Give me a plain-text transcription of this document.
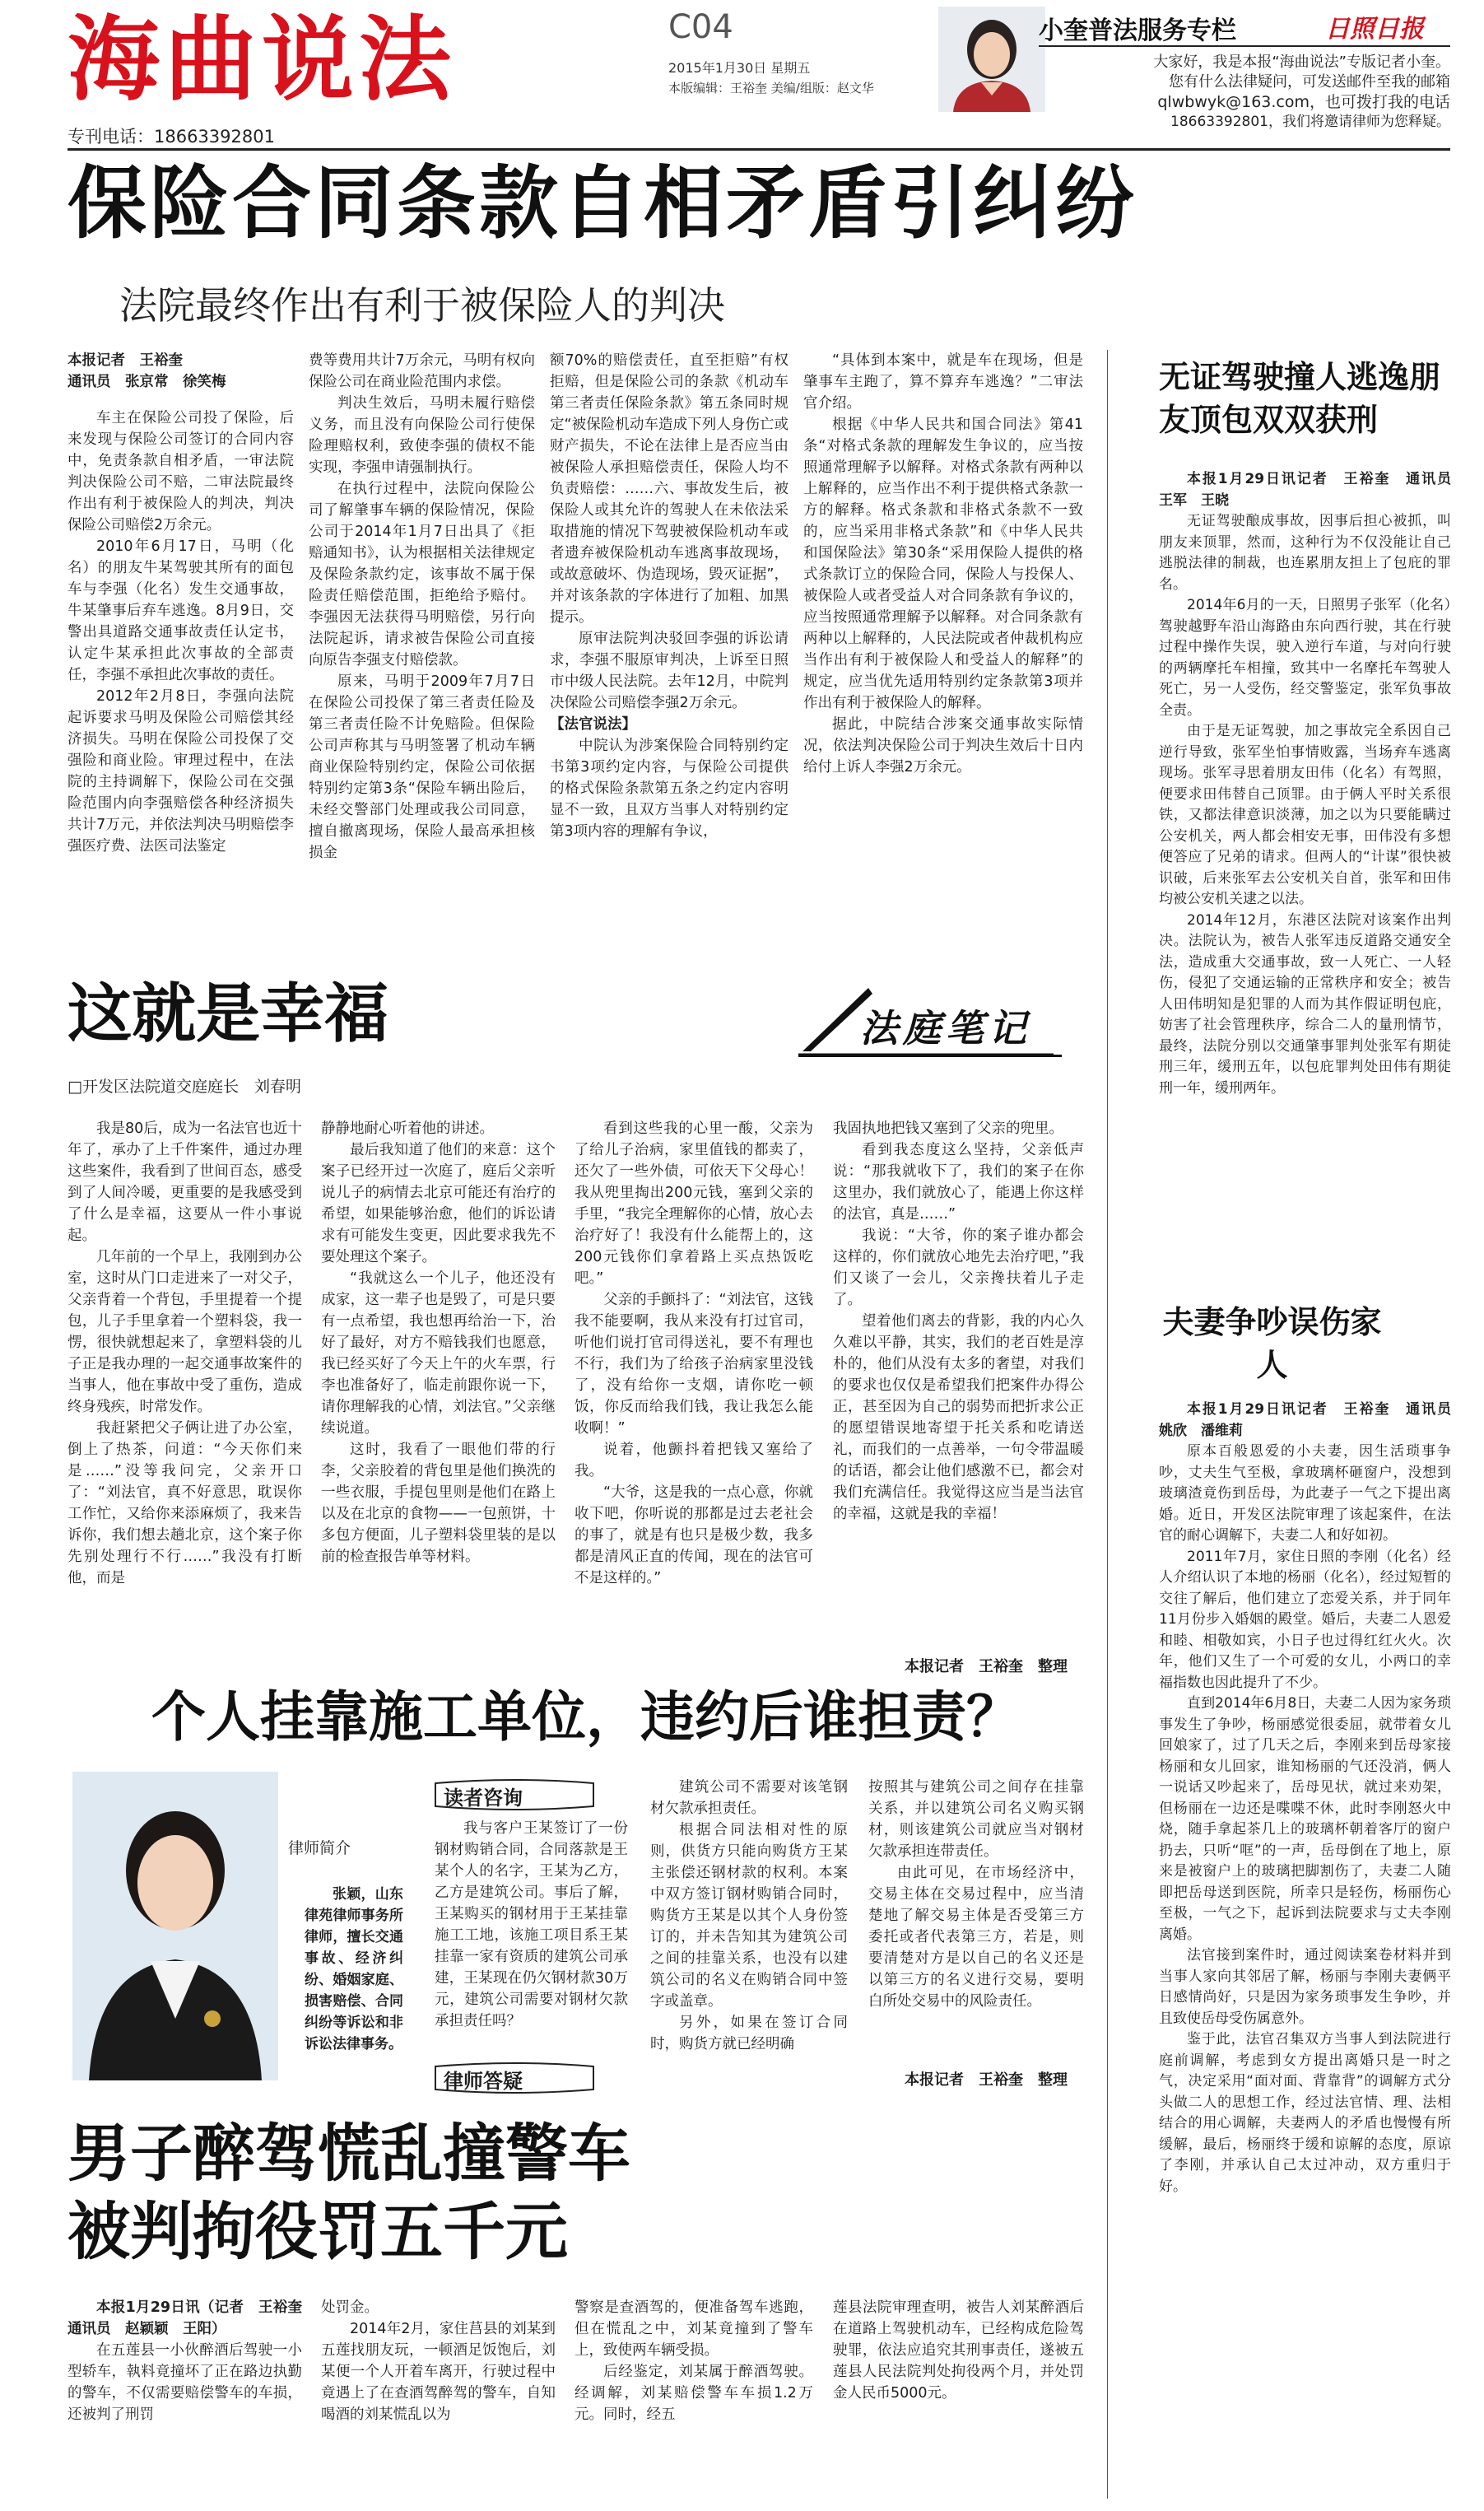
海曲说法
专刊电话：18663392801
C04
2015年1月30日 星期五
本版编辑：王裕奎 美编/组版：赵文华
小奎普法服务专栏	日照日报
大家好，我是本报“海曲说法”专版记者小奎。
您有什么法律疑问，可发送邮件至我的邮箱
qlwbwyk@163.com，也可拨打我的电话
18663392801，我们将邀请律师为您释疑。
保险合同条款自相矛盾引纠纷
法院最终作出有利于被保险人的判决

本报记者　王裕奎

通讯员　张京常　徐笑梅

车主在保险公司投了保险，后来发现与保险公司签订的合同内容中，免责条款自相矛盾，一审法院判决保险公司不赔，二审法院最终作出有利于被保险人的判决，判决保险公司赔偿2万余元。

2010年6月17日，马明（化名）的朋友牛某驾驶其所有的面包车与李强（化名）发生交通事故，牛某肇事后弃车逃逸。8月9日，交警出具道路交通事故责任认定书，认定牛某承担此次事故的全部责任，李强不承担此次事故的责任。

2012年2月8日，李强向法院起诉要求马明及保险公司赔偿其经济损失。马明在保险公司投保了交强险和商业险。审理过程中，在法院的主持调解下，保险公司在交强险范围内向李强赔偿各种经济损失共计7万元，并依法判决马明赔偿李强医疗费、法医司法鉴定

费等费用共计7万余元，马明有权向保险公司在商业险范围内求偿。

判决生效后，马明未履行赔偿义务，而且没有向保险公司行使保险理赔权利，致使李强的债权不能实现，李强申请强制执行。

在执行过程中，法院向保险公司了解肇事车辆的保险情况，保险公司于2014年1月7日出具了《拒赔通知书》，认为根据相关法律规定及保险条款约定，该事故不属于保险责任赔偿范围，拒绝给予赔付。李强因无法获得马明赔偿，另行向法院起诉，请求被告保险公司直接向原告李强支付赔偿款。

原来，马明于2009年7月7日在保险公司投保了第三者责任险及第三者责任险不计免赔险。但保险公司声称其与马明签署了机动车辆商业保险特别约定，保险公司依据特别约定第3条“保险车辆出险后，未经交警部门处理或我公司同意，擅自撤离现场，保险人最高承担核损金

额70%的赔偿责任，直至拒赔”有权拒赔，但是保险公司的条款《机动车第三者责任保险条款》第五条同时规定“被保险机动车造成下列人身伤亡或财产损失，不论在法律上是否应当由被保险人承担赔偿责任，保险人均不负责赔偿：……六、事故发生后，被保险人或其允许的驾驶人在未依法采取措施的情况下驾驶被保险机动车或者遗弃被保险机动车逃离事故现场，或故意破坏、伪造现场，毁灭证据”，并对该条款的字体进行了加粗、加黑提示。

原审法院判决驳回李强的诉讼请求，李强不服原审判决，上诉至日照市中级人民法院。去年12月，中院判决保险公司赔偿李强2万余元。

【法官说法】

中院认为涉案保险合同特别约定书第3项约定内容，与保险公司提供的格式保险条款第五条之约定内容明显不一致，且双方当事人对特别约定第3项内容的理解有争议，

“具体到本案中，就是车在现场，但是肇事车主跑了，算不算弃车逃逸？”二审法官介绍。

根据《中华人民共和国合同法》第41条“对格式条款的理解发生争议的，应当按照通常理解予以解释。对格式条款有两种以上解释的，应当作出不利于提供格式条款一方的解释。格式条款和非格式条款不一致的，应当采用非格式条款”和《中华人民共和国保险法》第30条“采用保险人提供的格式条款订立的保险合同，保险人与投保人、被保险人或者受益人对合同条款有争议的，应当按照通常理解予以解释。对合同条款有两种以上解释的，人民法院或者仲裁机构应当作出有利于被保险人和受益人的解释”的规定，应当优先适用特别约定条款第3项并作出有利于被保险人的解释。

据此，中院结合涉案交通事故实际情况，依法判决保险公司于判决生效后十日内给付上诉人李强2万余元。

无证驾驶撞人逃逸朋友顶包双双获刑

本报1月29日讯记者　王裕奎　通讯员　王军　王晓

无证驾驶酿成事故，因事后担心被抓，叫朋友来顶罪，然而，这种行为不仅没能让自己逃脱法律的制裁，也连累朋友担上了包庇的罪名。

2014年6月的一天，日照男子张军（化名）驾驶越野车沿山海路由东向西行驶，其在行驶过程中操作失误，驶入逆行车道，与对向行驶的两辆摩托车相撞，致其中一名摩托车驾驶人死亡，另一人受伤，经交警鉴定，张军负事故全责。

由于是无证驾驶，加之事故完全系因自己逆行导致，张军坐怕事情败露，当场弃车逃离现场。张军寻思着朋友田伟（化名）有驾照，便要求田伟替自己顶罪。由于俩人平时关系很铁，又都法律意识淡薄，加之以为只要能瞒过公安机关，两人都会相安无事，田伟没有多想便答应了兄弟的请求。但两人的“计谋”很快被识破，后来张军去公安机关自首，张军和田伟均被公安机关逮之以法。

2014年12月，东港区法院对该案作出判决。法院认为，被告人张军违反道路交通安全法，造成重大交通事故，致一人死亡、一人轻伤，侵犯了交通运输的正常秩序和安全；被告人田伟明知是犯罪的人而为其作假证明包庇，妨害了社会管理秩序，综合二人的量刑情节，最终，法院分别以交通肇事罪判处张军有期徒刑三年，缓刑五年，以包庇罪判处田伟有期徒刑一年，缓刑两年。

夫妻争吵误伤家人

本报1月29日讯记者　王裕奎　通讯员　姚欣　潘维莉

原本百般恩爱的小夫妻，因生活琐事争吵，丈夫生气至极，拿玻璃杯砸窗户，没想到玻璃渣竟伤到岳母，为此妻子一气之下提出离婚。近日，开发区法院审理了该起案件，在法官的耐心调解下，夫妻二人和好如初。

2011年7月，家住日照的李刚（化名）经人介绍认识了本地的杨丽（化名），经过短暂的交往了解后，他们建立了恋爱关系，并于同年11月份步入婚姻的殿堂。婚后，夫妻二人恩爱和睦、相敬如宾，小日子也过得红红火火。次年，他们又生了一个可爱的女儿，小两口的幸福指数也因此提升了不少。

直到2014年6月8日，夫妻二人因为家务琐事发生了争吵，杨丽感觉很委屈，就带着女儿回娘家了，过了几天之后，李刚来到岳母家接杨丽和女儿回家，谁知杨丽的气还没消，俩人一说话又吵起来了，岳母见状，就过来劝架，但杨丽在一边还是喋喋不休，此时李刚怒火中烧，随手拿起茶几上的玻璃杯朝着客厅的窗户扔去，只听“哐”的一声，岳母倒在了地上，原来是被窗户上的玻璃把脚割伤了，夫妻二人随即把岳母送到医院，所幸只是轻伤，杨丽伤心至极，一气之下，起诉到法院要求与丈夫李刚离婚。

法官接到案件时，通过阅读案卷材料并到当事人家向其邻居了解，杨丽与李刚夫妻俩平日感情尚好，只是因为家务琐事发生争吵，并且致使岳母受伤属意外。

鉴于此，法官召集双方当事人到法院进行庭前调解，考虑到女方提出离婚只是一时之气，决定采用“面对面、背靠背”的调解方式分头做二人的思想工作，经过法官情、理、法相结合的用心调解，夫妻两人的矛盾也慢慢有所缓解，最后，杨丽终于缓和谅解的态度，原谅了李刚，并承认自己太过冲动，双方重归于好。

这就是幸福	法庭笔记
□开发区法院道交庭庭长　刘春明

我是80后，成为一名法官也近十年了，承办了上千件案件，通过办理这些案件，我看到了世间百态，感受到了人间冷暖，更重要的是我感受到了什么是幸福，这要从一件小事说起。

几年前的一个早上，我刚到办公室，这时从门口走进来了一对父子，父亲背着一个背包，手里提着一个提包，儿子手里拿着一个塑料袋，我一愣，很快就想起来了，拿塑料袋的儿子正是我办理的一起交通事故案件的当事人，他在事故中受了重伤，造成终身残疾，时常发作。

我赶紧把父子俩让进了办公室，倒上了热茶，问道：“今天你们来是……”没等我问完，父亲开口了：“刘法官，真不好意思，耽误你工作忙，又给你来添麻烦了，我来告诉你，我们想去趟北京，这个案子你先别处理行不行……”我没有打断他，而是

静静地耐心听着他的讲述。

最后我知道了他们的来意：这个案子已经开过一次庭了，庭后父亲听说儿子的病情去北京可能还有治疗的希望，如果能够治愈，他们的诉讼请求有可能发生变更，因此要求我先不要处理这个案子。

“我就这么一个儿子，他还没有成家，这一辈子也是毁了，可是只要有一点希望，我也想再给治一下，治好了最好，对方不赔钱我们也愿意，我已经买好了今天上午的火车票，行李也准备好了，临走前跟你说一下，请你理解我的心情，刘法官。”父亲继续说道。

这时，我看了一眼他们带的行李，父亲胶着的背包里是他们换洗的一些衣服，手提包里则是他们在路上以及在北京的食物——一包煎饼，十多包方便面，儿子塑料袋里装的是以前的检查报告单等材料。

看到这些我的心里一酸，父亲为了给儿子治病，家里值钱的都卖了，还欠了一些外债，可依天下父母心！我从兜里掏出200元钱，塞到父亲的手里，“我完全理解你的心情，放心去治疗好了！我没有什么能帮上的，这200元钱你们拿着路上买点热饭吃吧。”

父亲的手颤抖了：“刘法官，这钱我不能要啊，我从来没有打过官司，听他们说打官司得送礼，要不有理也不行，我们为了给孩子治病家里没钱了，没有给你一支烟，请你吃一顿饭，你反而给我们钱，我让我怎么能收啊！”

说着，他颤抖着把钱又塞给了我。

“大爷，这是我的一点心意，你就收下吧，你听说的那都是过去老社会的事了，就是有也只是极少数，我多都是清风正直的传闻，现在的法官可不是这样的。”

我固执地把钱又塞到了父亲的兜里。

看到我态度这么坚持，父亲低声说：“那我就收下了，我们的案子在你这里办，我们就放心了，能遇上你这样的法官，真是……”

我说：“大爷，你的案子谁办都会这样的，你们就放心地先去治疗吧，”我们又谈了一会儿，父亲搀扶着儿子走了。

望着他们离去的背影，我的内心久久难以平静，其实，我们的老百姓是淳朴的，他们从没有太多的奢望，对我们的要求也仅仅是希望我们把案件办得公正，甚至因为自己的弱势而把折求公正的愿望错误地寄望于托关系和吃请送礼，而我们的一点善举，一句令带温暖的话语，都会让他们感激不已，都会对我们充满信任。我觉得这应当是当法官的幸福，这就是我的幸福！

本报记者　王裕奎　整理
个人挂靠施工单位，违约后谁担责？
律师简介

张颖，山东律苑律师事务所律师，擅长交通事故、经济纠纷、婚姻家庭、损害赔偿、合同纠纷等诉讼和非诉讼法律事务。

读者咨询

我与客户王某签订了一份钢材购销合同，合同落款是王某个人的名字，王某为乙方，乙方是建筑公司。事后了解，王某购买的钢材用于王某挂靠施工工地，该施工项目系王某挂靠一家有资质的建筑公司承建，王某现在仍欠钢材款30万元，建筑公司需要对钢材欠款承担责任吗？

律师答疑

建筑公司不需要对该笔钢材欠款承担责任。

根据合同法相对性的原则，供货方只能向购货方王某主张偿还钢材款的权利。本案中双方签订钢材购销合同时，购货方王某是以其个人身份签订的，并未告知其为建筑公司之间的挂靠关系，也没有以建筑公司的名义在购销合同中签字或盖章。

另外，如果在签订合同时，购货方就已经明确

按照其与建筑公司之间存在挂靠关系，并以建筑公司名义购买钢材，则该建筑公司就应当对钢材欠款承担连带责任。

由此可见，在市场经济中，交易主体在交易过程中，应当清楚地了解交易主体是否受第三方委托或者代表第三方，若是，则要清楚对方是以自己的名义还是以第三方的名义进行交易，要明白所处交易中的风险责任。

本报记者　王裕奎　整理
男子醉驾慌乱撞警车
被判拘役罚五千元

本报1月29日讯（记者　王裕奎　通讯员　赵颖颖　王阳）

在五莲县一小伙醉酒后驾驶一小型轿车，執料竟撞坏了正在路边执勤的警车，不仅需要赔偿警车的车损，还被判了刑罚

处罚金。

2014年2月，家住莒县的刘某到五莲找朋友玩，一顿酒足饭饱后，刘某便一个人开着车离开，行驶过程中竟遇上了在查酒驾醉驾的警车，自知喝酒的刘某慌乱以为

警察是查酒驾的，便准备驾车逃跑，但在慌乱之中，刘某竟撞到了警车上，致使两车辆受损。

后经鉴定，刘某属于醉酒驾驶。经调解，刘某赔偿警车车损1.2万元。同时，经五

莲县法院审理查明，被告人刘某醉酒后在道路上驾驶机动车，已经构成危险驾驶罪，依法应追究其刑事责任，遂被五莲县人民法院判处拘役两个月，并处罚金人民币5000元。
